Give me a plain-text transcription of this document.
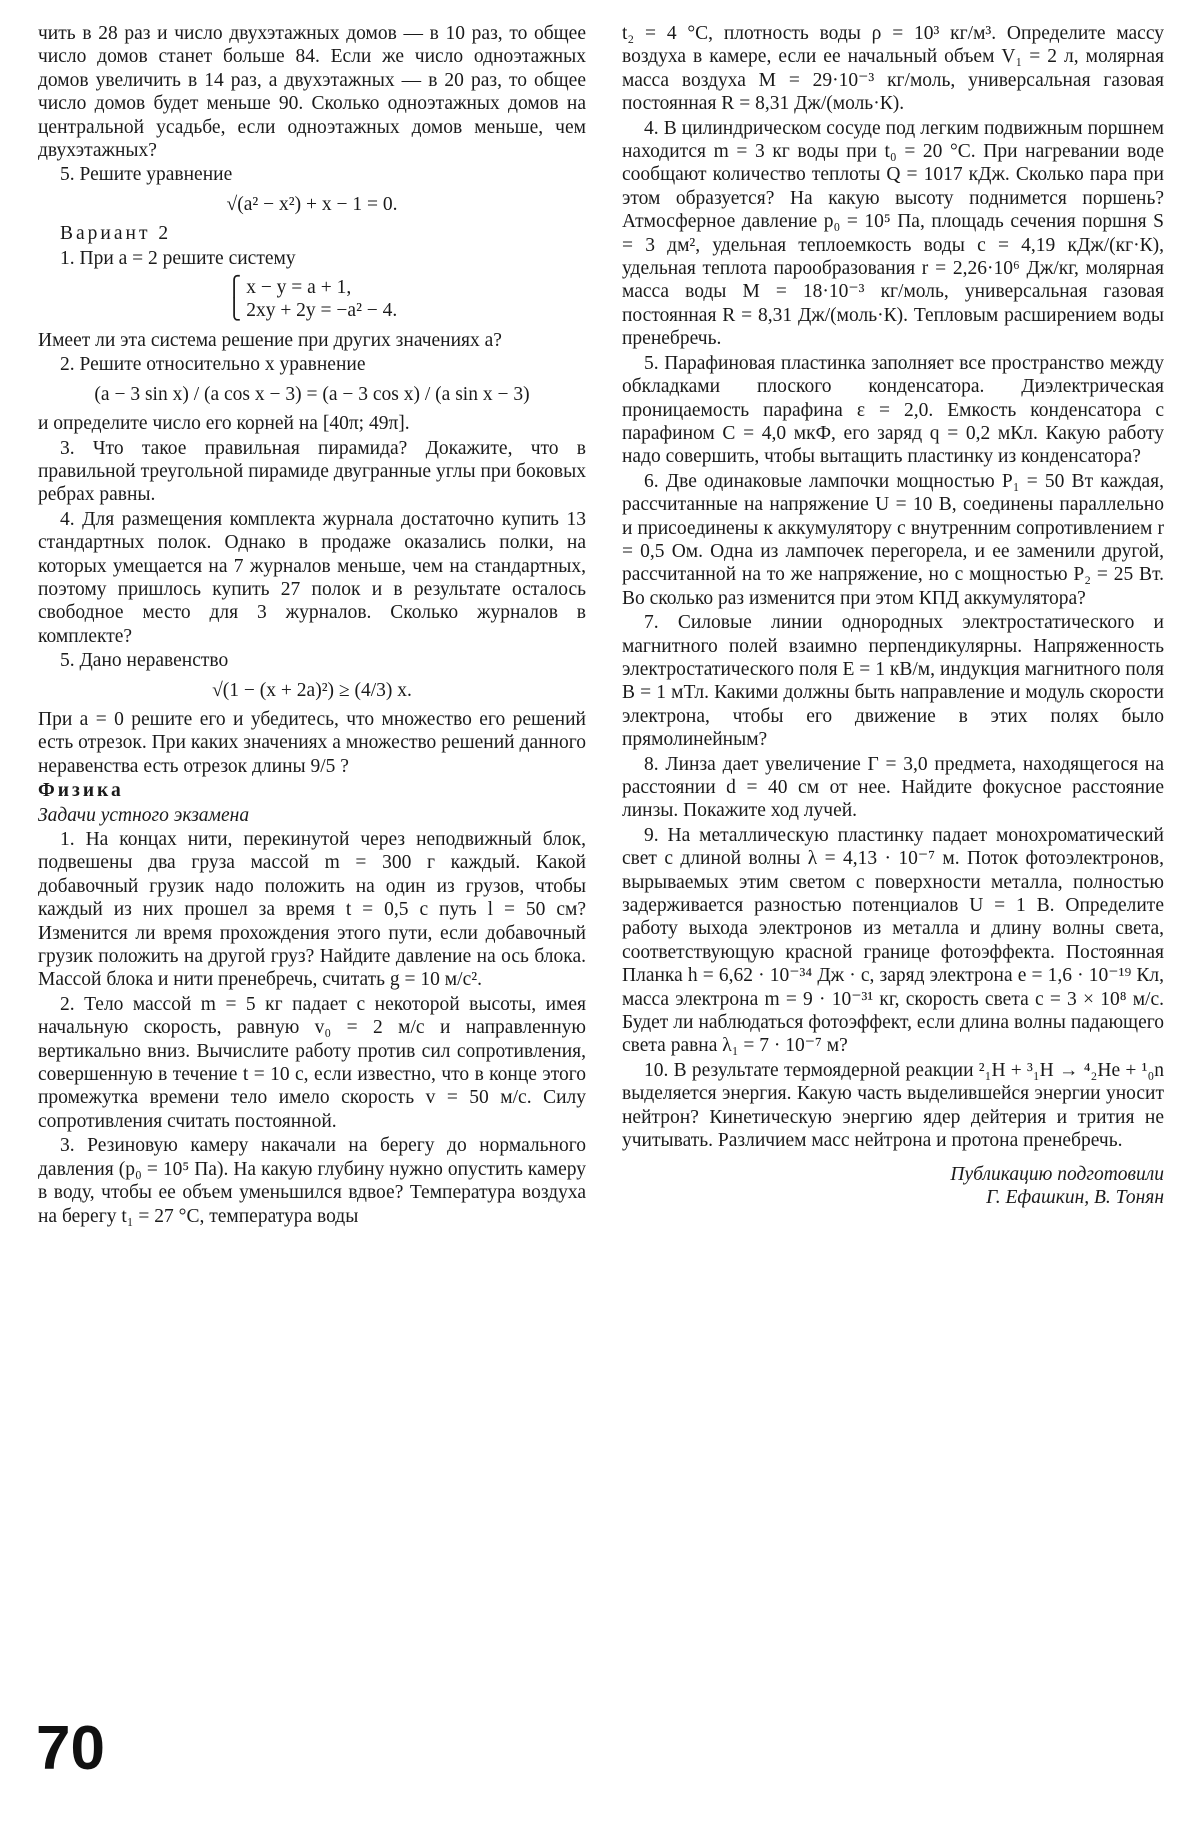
чить в 28 раз и число двухэтажных домов — в 10 раз, то общее число домов станет больше 84. Если же число одноэтажных домов увеличить в 14 раз, а двухэтажных — в 20 раз, то общее число домов будет меньше 90. Сколько одноэтажных домов на центральной усадьбе, если одноэтажных домов меньше, чем двухэтажных?

5. Решите уравнение

√(a² − x²) + x − 1 = 0.

Вариант 2

1. При a = 2 решите систему

⎧ x − y = a + 1,
⎩ 2xy + 2y = −a² − 4.

Имеет ли эта система решение при других значениях a?

2. Решите относительно x уравнение

(a − 3 sin x) / (a cos x − 3) = (a − 3 cos x) / (a sin x − 3)

и определите число его корней на [40π; 49π].

3. Что такое правильная пирамида? Докажите, что в правильной треугольной пирамиде двугранные углы при боковых ребрах равны.

4. Для размещения комплекта журнала достаточно купить 13 стандартных полок. Однако в продаже оказались полки, на которых умещается на 7 журналов меньше, чем на стандартных, поэтому пришлось купить 27 полок и в результате осталось свободное место для 3 журналов. Сколько журналов в комплекте?

5. Дано неравенство

√(1 − (x + 2a)²) ≥ (4/3) x.

При a = 0 решите его и убедитесь, что множество его решений есть отрезок. При каких значениях a множество решений данного неравенства есть отрезок длины 9/5 ?

Физика

Задачи устного экзамена

1. На концах нити, перекинутой через неподвижный блок, подвешены два груза массой m = 300 г каждый. Какой добавочный грузик надо положить на один из грузов, чтобы каждый из них прошел за время t = 0,5 с путь l = 50 см? Изменится ли время прохождения этого пути, если добавочный грузик положить на другой груз? Найдите давление на ось блока. Массой блока и нити пренебречь, считать g = 10 м/с².

2. Тело массой m = 5 кг падает с некоторой высоты, имея начальную скорость, равную v₀ = 2 м/с и направленную вертикально вниз. Вычислите работу против сил сопротивления, совершенную в течение t = 10 с, если известно, что в конце этого промежутка времени тело имело скорость v = 50 м/с. Силу сопротивления считать постоянной.

3. Резиновую камеру накачали на берегу до нормального давления (p₀ = 10⁵ Па). На какую глубину нужно опустить камеру в воду, чтобы ее объем уменьшился вдвое? Температура воздуха на берегу t₁ = 27 °С, температура воды

t₂ = 4 °С, плотность воды ρ = 10³ кг/м³. Определите массу воздуха в камере, если ее начальный объем V₁ = 2 л, молярная масса воздуха M = 29·10⁻³ кг/моль, универсальная газовая постоянная R = 8,31 Дж/(моль·К).

4. В цилиндрическом сосуде под легким подвижным поршнем находится m = 3 кг воды при t₀ = 20 °С. При нагревании воде сообщают количество теплоты Q = 1017 кДж. Сколько пара при этом образуется? На какую высоту поднимется поршень? Атмосферное давление p₀ = 10⁵ Па, площадь сечения поршня S = 3 дм², удельная теплоемкость воды c = 4,19 кДж/(кг·К), удельная теплота парообразования r = 2,26·10⁶ Дж/кг, молярная масса воды M = 18·10⁻³ кг/моль, универсальная газовая постоянная R = 8,31 Дж/(моль·К). Тепловым расширением воды пренебречь.

5. Парафиновая пластинка заполняет все пространство между обкладками плоского конденсатора. Диэлектрическая проницаемость парафина ε = 2,0. Емкость конденсатора с парафином C = 4,0 мкФ, его заряд q = 0,2 мКл. Какую работу надо совершить, чтобы вытащить пластинку из конденсатора?

6. Две одинаковые лампочки мощностью P₁ = 50 Вт каждая, рассчитанные на напряжение U = 10 В, соединены параллельно и присоединены к аккумулятору с внутренним сопротивлением r = 0,5 Ом. Одна из лампочек перегорела, и ее заменили другой, рассчитанной на то же напряжение, но с мощностью P₂ = 25 Вт. Во сколько раз изменится при этом КПД аккумулятора?

7. Силовые линии однородных электростатического и магнитного полей взаимно перпендикулярны. Напряженность электростатического поля E = 1 кВ/м, индукция магнитного поля B = 1 мТл. Какими должны быть направление и модуль скорости электрона, чтобы его движение в этих полях было прямолинейным?

8. Линза дает увеличение Γ = 3,0 предмета, находящегося на расстоянии d = 40 см от нее. Найдите фокусное расстояние линзы. Покажите ход лучей.

9. На металлическую пластинку падает монохроматический свет с длиной волны λ = 4,13 · 10⁻⁷ м. Поток фотоэлектронов, вырываемых этим светом с поверхности металла, полностью задерживается разностью потенциалов U = 1 В. Определите работу выхода электронов из металла и длину волны света, соответствующую красной границе фотоэффекта. Постоянная Планка h = 6,62 · 10⁻³⁴ Дж · с, заряд электрона e = 1,6 · 10⁻¹⁹ Кл, масса электрона m = 9 · 10⁻³¹ кг, скорость света c = 3 × 10⁸ м/с. Будет ли наблюдаться фотоэффект, если длина волны падающего света равна λ₁ = 7 · 10⁻⁷ м?

10. В результате термоядерной реакции ²₁H + ³₁H → ⁴₂He + ¹₀n выделяется энергия. Какую часть выделившейся энергии уносит нейтрон? Кинетическую энергию ядер дейтерия и трития не учитывать. Различием масс нейтрона и протона пренебречь.

Публикацию подготовили
Г. Ефашкин, В. Тонян
70
